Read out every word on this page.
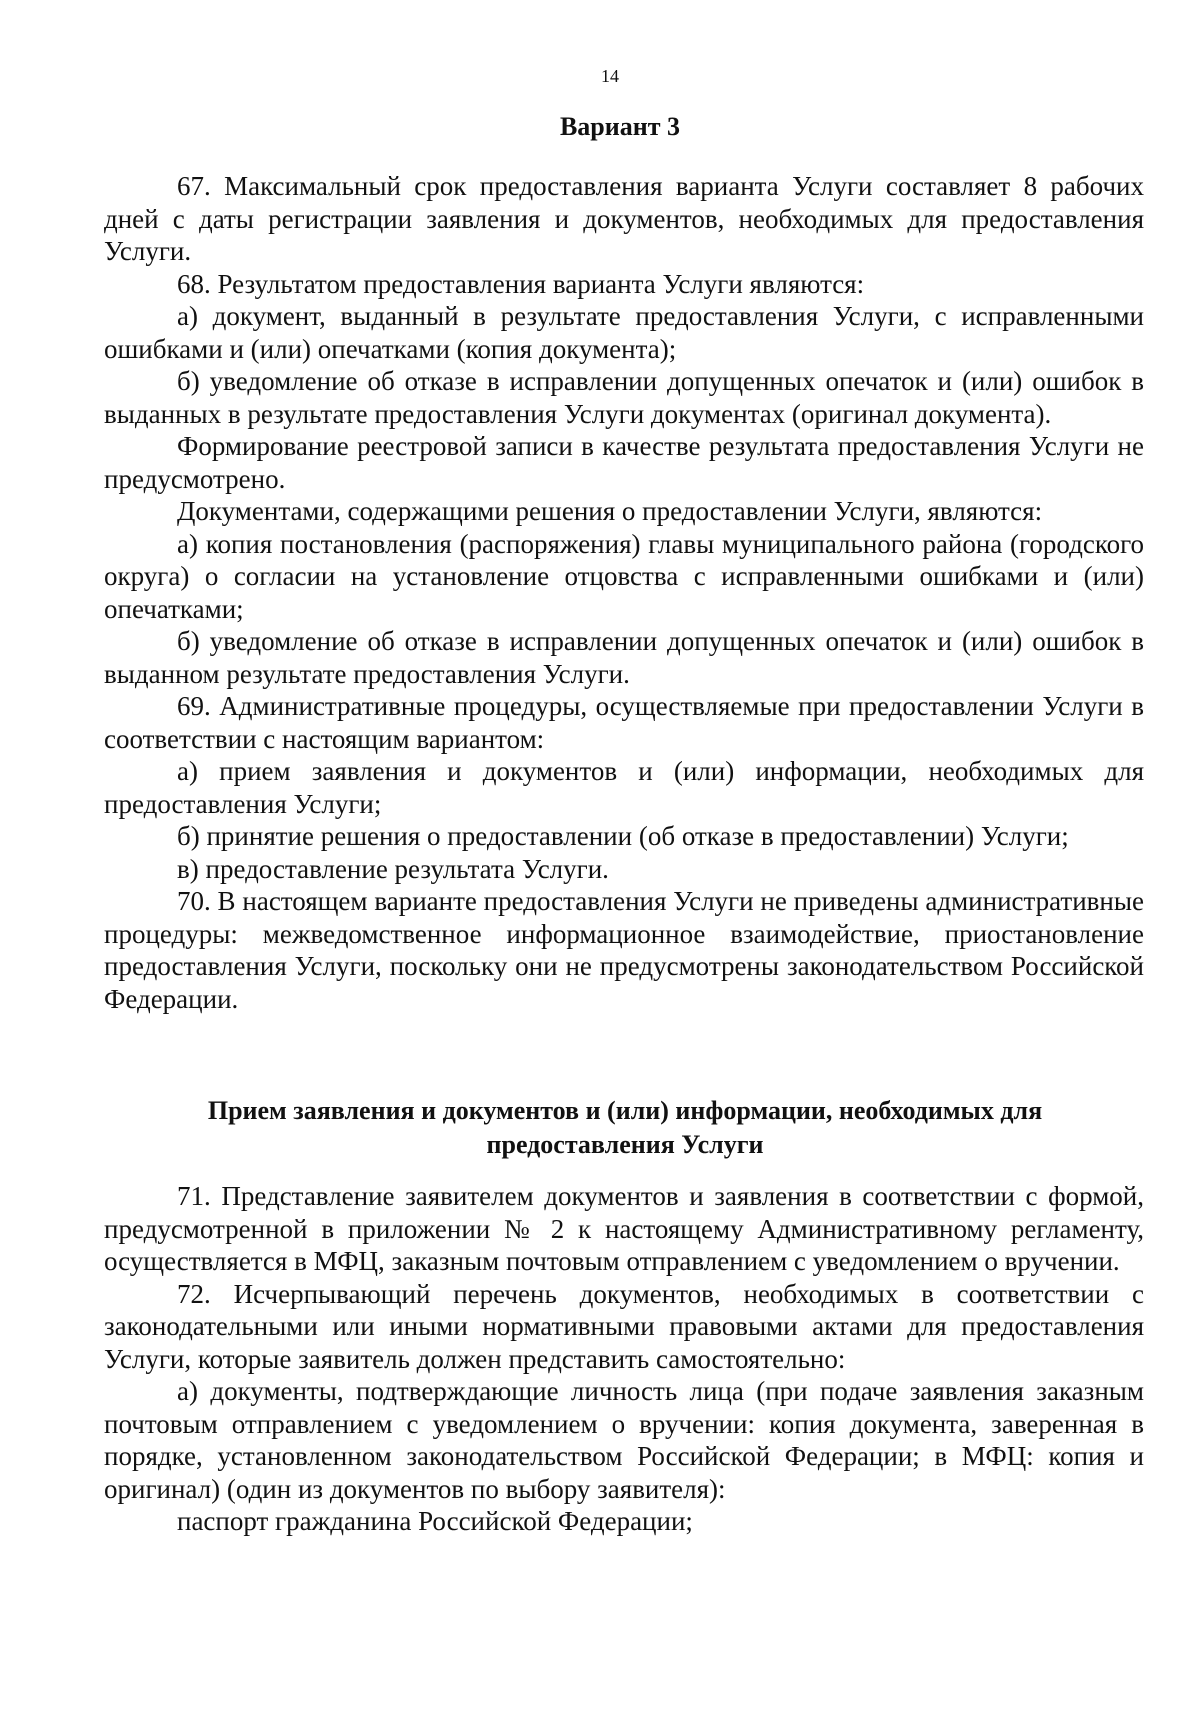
14
Вариант 3

67. Максимальный срок предоставления варианта Услуги составляет 8 рабочих дней с даты регистрации заявления и документов, необходимых для предоставления Услуги.

68. Результатом предоставления варианта Услуги являются:

а) документ, выданный в результате предоставления Услуги, с исправленными ошибками и (или) опечатками (копия документа);

б) уведомление об отказе в исправлении допущенных опечаток и (или) ошибок в выданных в результате предоставления Услуги документах (оригинал документа).

Формирование реестровой записи в качестве результата предоставления Услуги не предусмотрено.

Документами, содержащими решения о предоставлении Услуги, являются:

а) копия постановления (распоряжения) главы муниципального района (городского округа) о согласии на установление отцовства с исправленными ошибками и (или) опечатками;

б) уведомление об отказе в исправлении допущенных опечаток и (или) ошибок в выданном результате предоставления Услуги.

69. Административные процедуры, осуществляемые при предоставлении Услуги в соответствии с настоящим вариантом:

а) прием заявления и документов и (или) информации, необходимых для предоставления Услуги;

б) принятие решения о предоставлении (об отказе в предоставлении) Услуги;

в) предоставление результата Услуги.

70. В настоящем варианте предоставления Услуги не приведены административные процедуры: межведомственное информационное взаимодействие, приостановление предоставления Услуги, поскольку они не предусмотрены законодательством Российской Федерации.

Прием заявления и документов и (или) информации, необходимых для предоставления Услуги

71. Представление заявителем документов и заявления в соответствии с формой, предусмотренной в приложении № 2 к настоящему Административному регламенту, осуществляется в МФЦ, заказным почтовым отправлением с уведомлением о вручении.

72. Исчерпывающий перечень документов, необходимых в соответствии с законодательными или иными нормативными правовыми актами для предоставления Услуги, которые заявитель должен представить самостоятельно:

а) документы, подтверждающие личность лица (при подаче заявления заказным почтовым отправлением с уведомлением о вручении: копия документа, заверенная в порядке, установленном законодательством Российской Федерации; в МФЦ: копия и оригинал) (один из документов по выбору заявителя):

паспорт гражданина Российской Федерации;
